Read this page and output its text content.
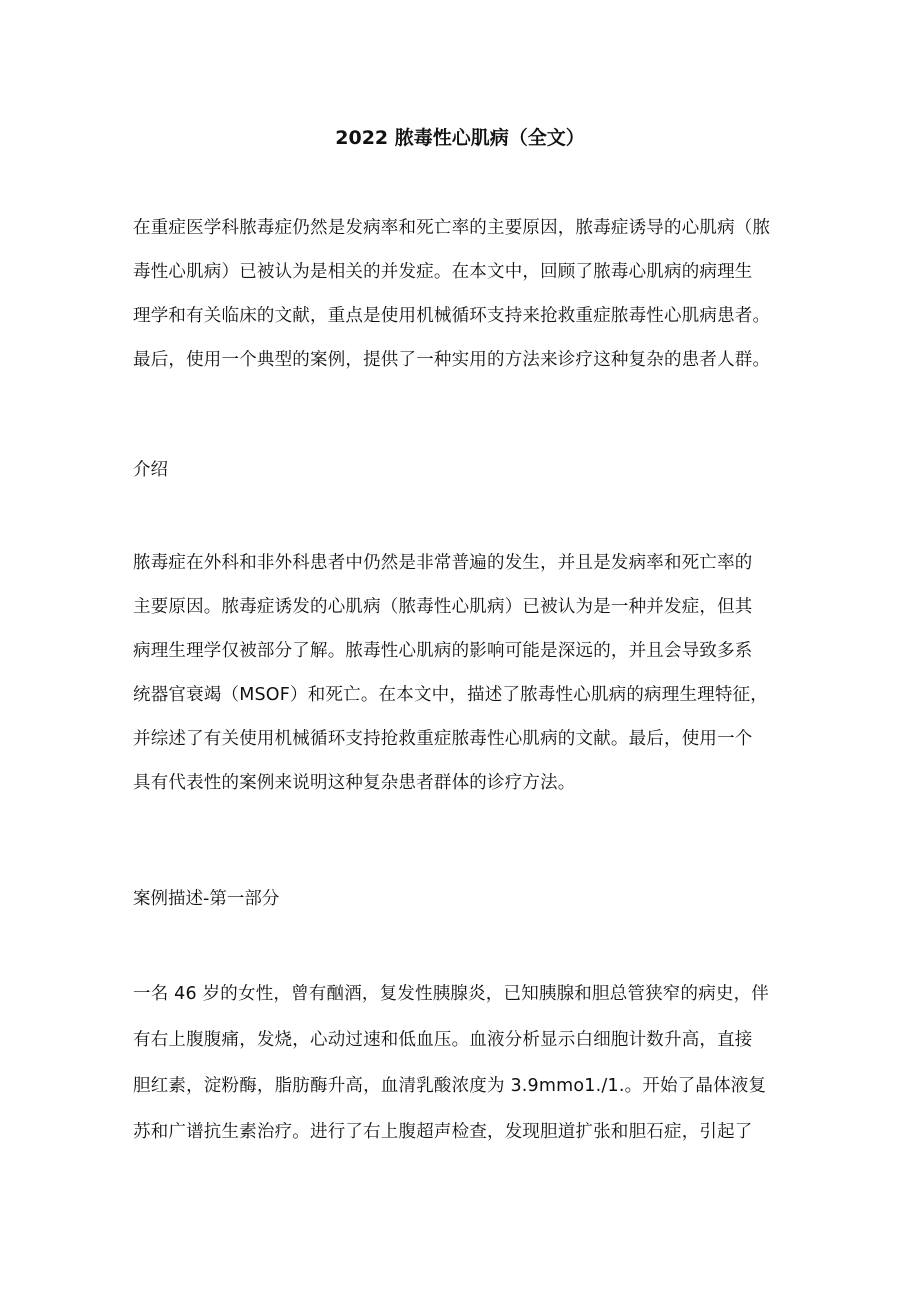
2022 脓毒性心肌病（全文）
在重症医学科脓毒症仍然是发病率和死亡率的主要原因，脓毒症诱导的心肌病（脓
毒性心肌病）已被认为是相关的并发症。在本文中，回顾了脓毒心肌病的病理生
理学和有关临床的文献，重点是使用机械循环支持来抢救重症脓毒性心肌病患者。
最后，使用一个典型的案例，提供了一种实用的方法来诊疗这种复杂的患者人群。
介绍
脓毒症在外科和非外科患者中仍然是非常普遍的发生，并且是发病率和死亡率的
主要原因。脓毒症诱发的心肌病（脓毒性心肌病）已被认为是一种并发症，但其
病理生理学仅被部分了解。脓毒性心肌病的影响可能是深远的，并且会导致多系
统器官衰竭（MSOF）和死亡。在本文中，描述了脓毒性心肌病的病理生理特征，
并综述了有关使用机械循环支持抢救重症脓毒性心肌病的文献。最后，使用一个
具有代表性的案例来说明这种复杂患者群体的诊疗方法。
案例描述-第一部分
一名 46 岁的女性，曾有酗酒，复发性胰腺炎，已知胰腺和胆总管狭窄的病史，伴
有右上腹腹痛，发烧，心动过速和低血压。血液分析显示白细胞计数升高，直接
胆红素，淀粉酶，脂肪酶升高，血清乳酸浓度为 3.9mmo1./1.。开始了晶体液复
苏和广谱抗生素治疗。进行了右上腹超声检查，发现胆道扩张和胆石症，引起了
